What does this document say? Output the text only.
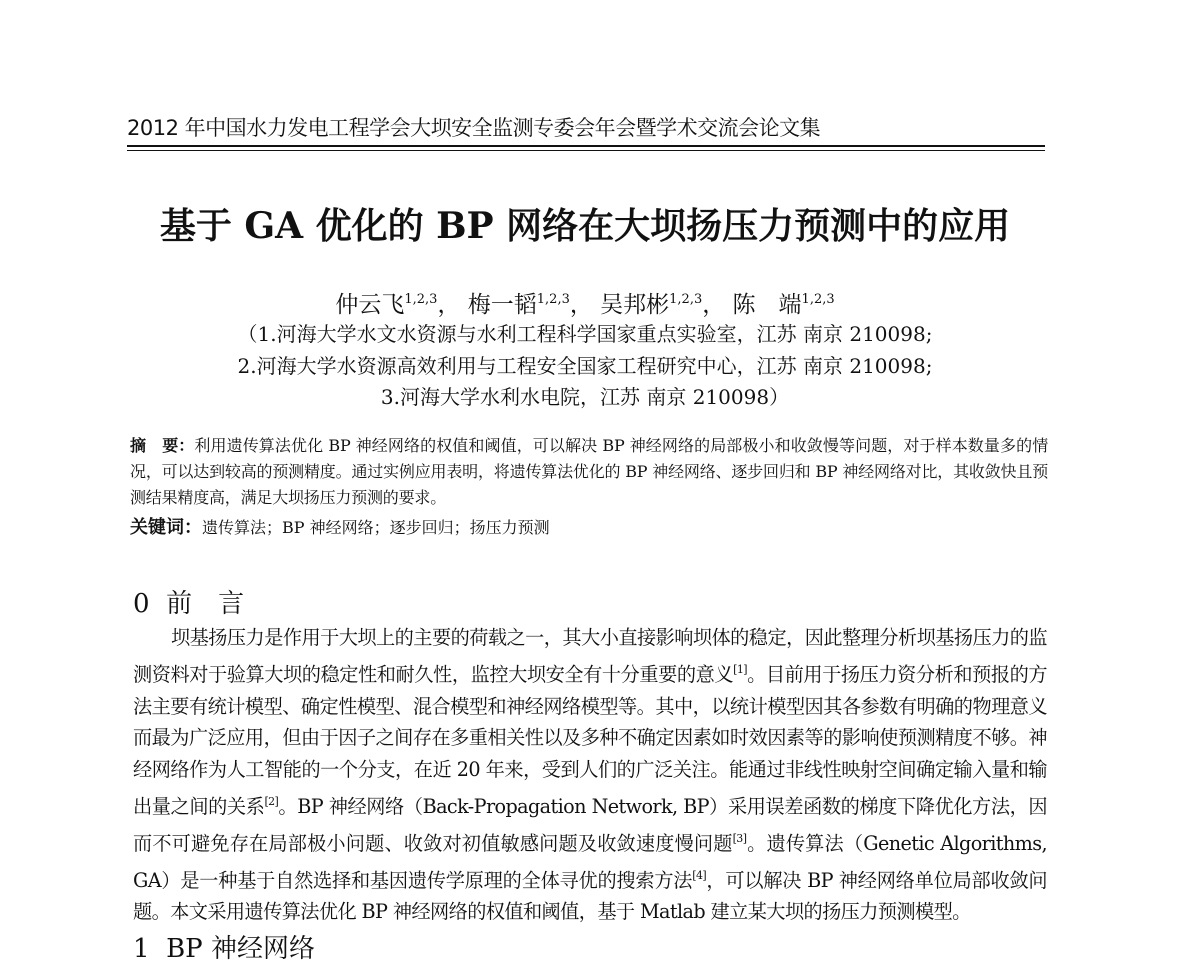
2012 年中国水力发电工程学会大坝安全监测专委会年会暨学术交流会论文集
基于 GA 优化的 BP 网络在大坝扬压力预测中的应用
仲云飞$^{1,2,3}$， 梅一韬$^{1,2,3}$， 吴邦彬$^{1,2,3}$， 陈　端$^{1,2,3}$
（1.河海大学水文水资源与水利工程科学国家重点实验室，江苏 南京 210098;
2.河海大学水资源高效利用与工程安全国家工程研究中心，江苏 南京 210098;
3.河海大学水利水电院，江苏 南京 210098）
摘　要：利用遗传算法优化 BP 神经网络的权值和阈值，可以解决 BP 神经网络的局部极小和收敛慢等问题，对于样本数量多的情况，可以达到较高的预测精度。通过实例应用表明，将遗传算法优化的 BP 神经网络、逐步回归和 BP 神经网络对比，其收敛快且预测结果精度高，满足大坝扬压力预测的要求。
关键词：遗传算法；BP 神经网络；逐步回归；扬压力预测
0 前　言

坝基扬压力是作用于大坝上的主要的荷载之一，其大小直接影响坝体的稳定，因此整理分析坝基扬压力的监测资料对于验算大坝的稳定性和耐久性，监控大坝安全有十分重要的意义[1]。目前用于扬压力资分析和预报的方法主要有统计模型、确定性模型、混合模型和神经网络模型等。其中，以统计模型因其各参数有明确的物理意义而最为广泛应用，但由于因子之间存在多重相关性以及多种不确定因素如时效因素等的影响使预测精度不够。神经网络作为人工智能的一个分支，在近 20 年来，受到人们的广泛关注。能通过非线性映射空间确定输入量和输出量之间的关系[2]。BP 神经网络（Back-Propagation Network, BP）采用误差函数的梯度下降优化方法，因而不可避免存在局部极小问题、收敛对初值敏感问题及收敛速度慢问题[3]。遗传算法（Genetic Algorithms, GA）是一种基于自然选择和基因遗传学原理的全体寻优的搜索方法[4]，可以解决 BP 神经网络单位局部收敛问题。本文采用遗传算法优化 BP 神经网络的权值和阈值，基于 Matlab 建立某大坝的扬压力预测模型。

1 BP 神经网络
